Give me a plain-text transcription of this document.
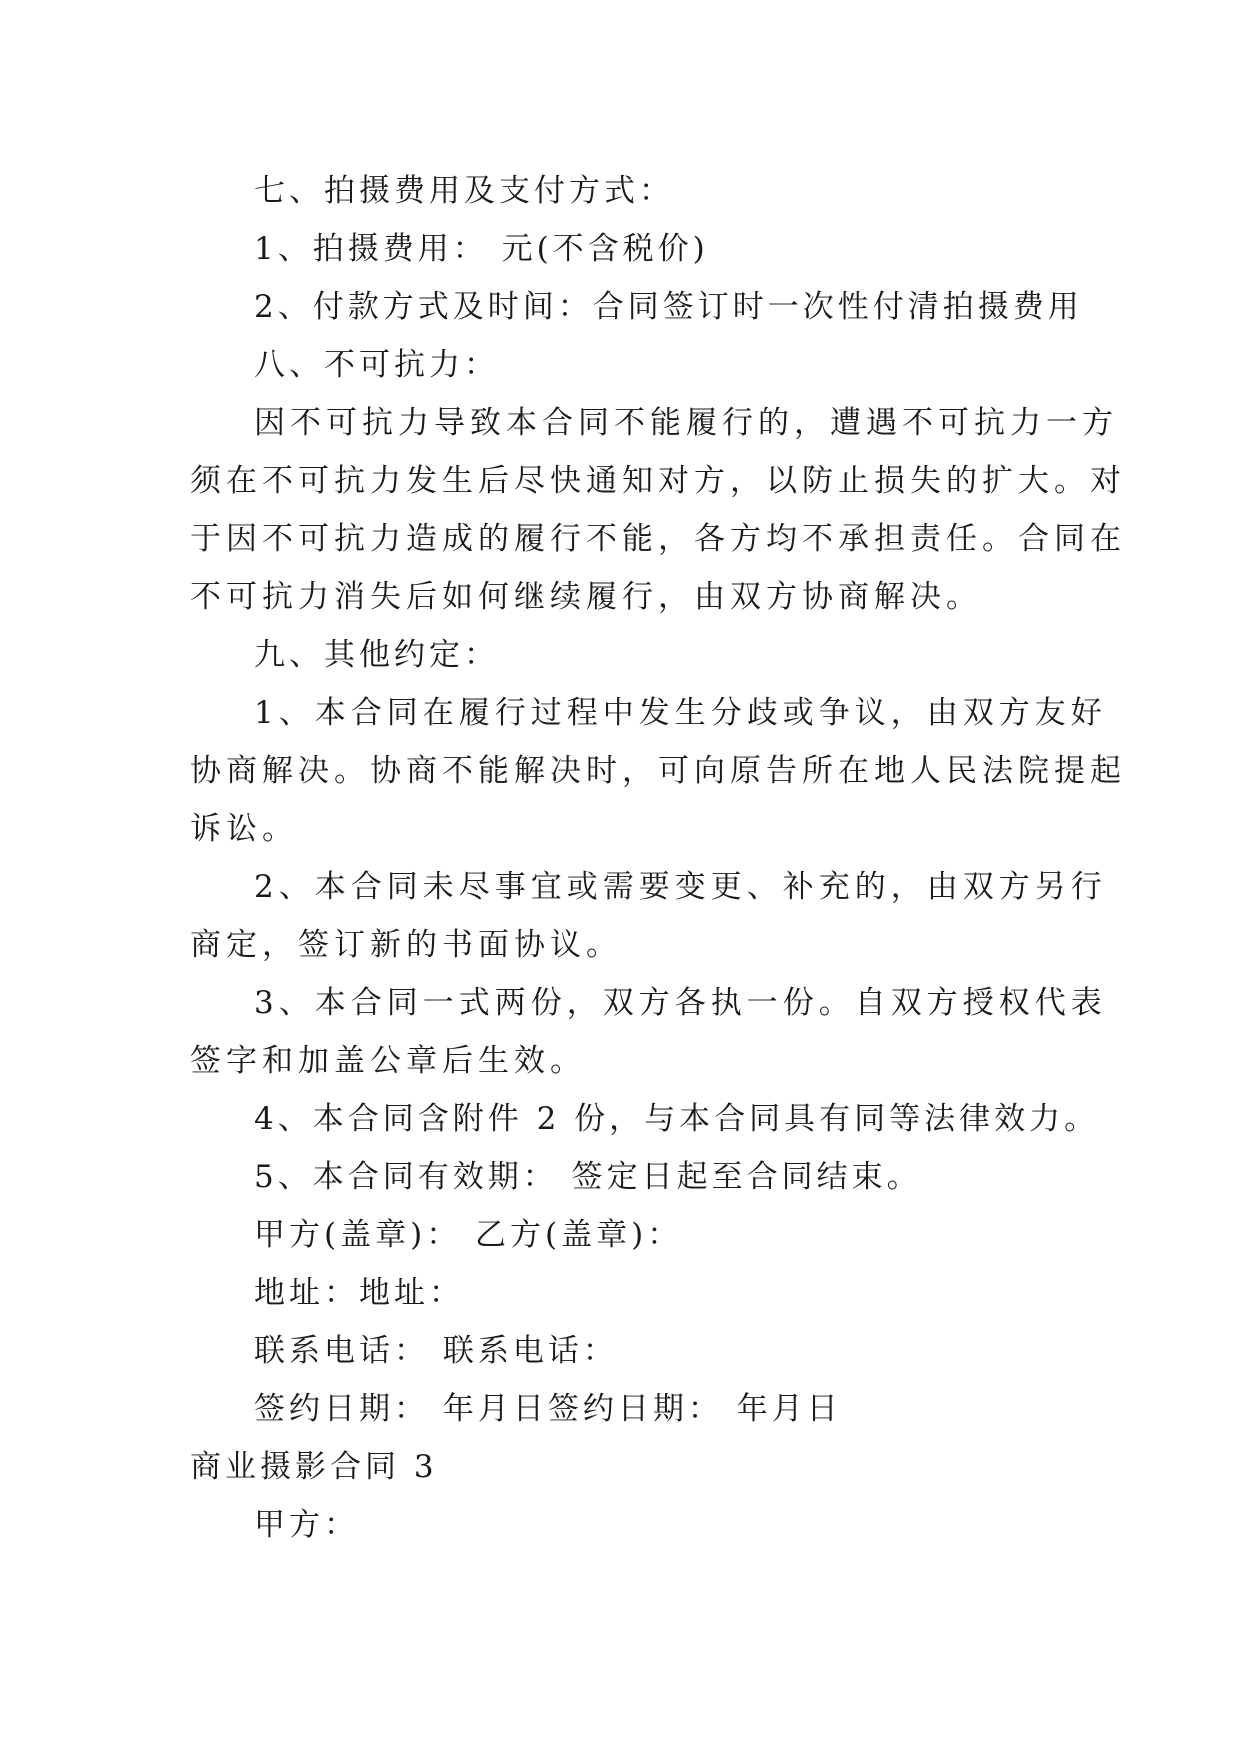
七、拍摄费用及支付方式：
1、拍摄费用： 元(不含税价)
2、付款方式及时间：合同签订时一次性付清拍摄费用
八、不可抗力：
因不可抗力导致本合同不能履行的，遭遇不可抗力一方
须在不可抗力发生后尽快通知对方，以防止损失的扩大。对
于因不可抗力造成的履行不能，各方均不承担责任。合同在
不可抗力消失后如何继续履行，由双方协商解决。
九、其他约定：
1、本合同在履行过程中发生分歧或争议，由双方友好
协商解决。协商不能解决时，可向原告所在地人民法院提起
诉讼。
2、本合同未尽事宜或需要变更、补充的，由双方另行
商定，签订新的书面协议。
3、本合同一式两份，双方各执一份。自双方授权代表
签字和加盖公章后生效。
4、本合同含附件 2 份，与本合同具有同等法律效力。
5、本合同有效期： 签定日起至合同结束。
甲方(盖章)： 乙方(盖章)：
地址：地址：
联系电话： 联系电话：
签约日期： 年月日签约日期： 年月日
商业摄影合同 3
甲方：
